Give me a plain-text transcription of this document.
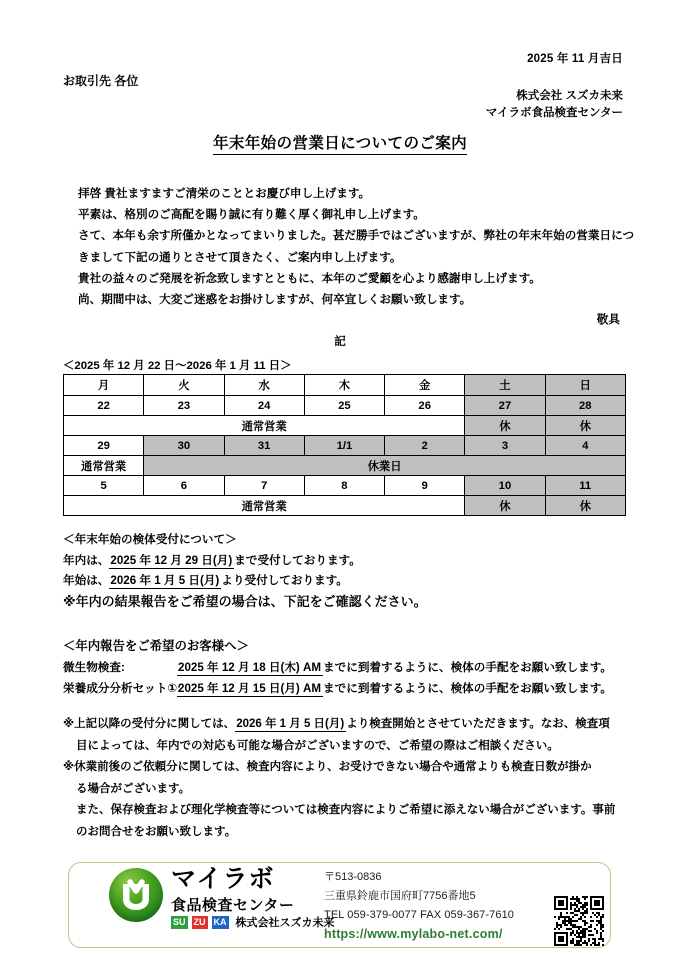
2025 年 11 月吉日
お取引先 各位
株式会社 スズカ未来
マイラボ食品検査センター
年末年始の営業日についてのご案内
拝啓 貴社ますますご清栄のこととお慶び申し上げます。
平素は、格別のご高配を賜り誠に有り難く厚く御礼申し上げます。
さて、本年も余す所僅かとなってまいりました。甚だ勝手ではございますが、弊社の年末年始の営業日につ
きまして下記の通りとさせて頂きたく、ご案内申し上げます。
貴社の益々のご発展を祈念致しますとともに、本年のご愛顧を心より感謝申し上げます。
尚、期間中は、大変ご迷惑をお掛けしますが、何卒宜しくお願い致します。
敬具
記
＜2025 年 12 月 22 日～2026 年 1 月 11 日＞
月	火	水	木	金	土	日
22	23	24	25	26	27	28
通常営業					休	休
29	30	31	1/1	2	3	4
通常営業	休業日					
5	6	7	8	9	10	11
通常営業					休	休
＜年末年始の検体受付について＞
年内は、2025 年 12 月 29 日(月) まで受付しております。
年始は、2026 年 1 月 5 日(月) より受付しております。
※年内の結果報告をご希望の場合は、下記をご確認ください。
＜年内報告をご希望のお客様へ＞
微生物検査:	2025 年 12 月 18 日(木) AM までに到着するように、検体の手配をお願い致します。
栄養成分分析セット①:2025 年 12 月 15 日(月) AM までに到着するように、検体の手配をお願い致します。
※上記以降の受付分に関しては、2026 年 1 月 5 日(月) より検査開始とさせていただきます。なお、検査項
目によっては、年内での対応も可能な場合がございますので、ご希望の際はご相談ください。
※休業前後のご依頼分に関しては、検査内容により、お受けできない場合や通常よりも検査日数が掛か
る場合がございます。
また、保存検査および理化学検査等については検査内容によりご希望に添えない場合がございます。事前
のお問合せをお願い致します。
マイラボ
食品検査センター
SU ZU KA 株式会社スズカ未来
〒513-0836
三重県鈴鹿市国府町7756番地5
TEL 059-379-0077 FAX 059-367-7610
https://www.mylabo-net.com/
